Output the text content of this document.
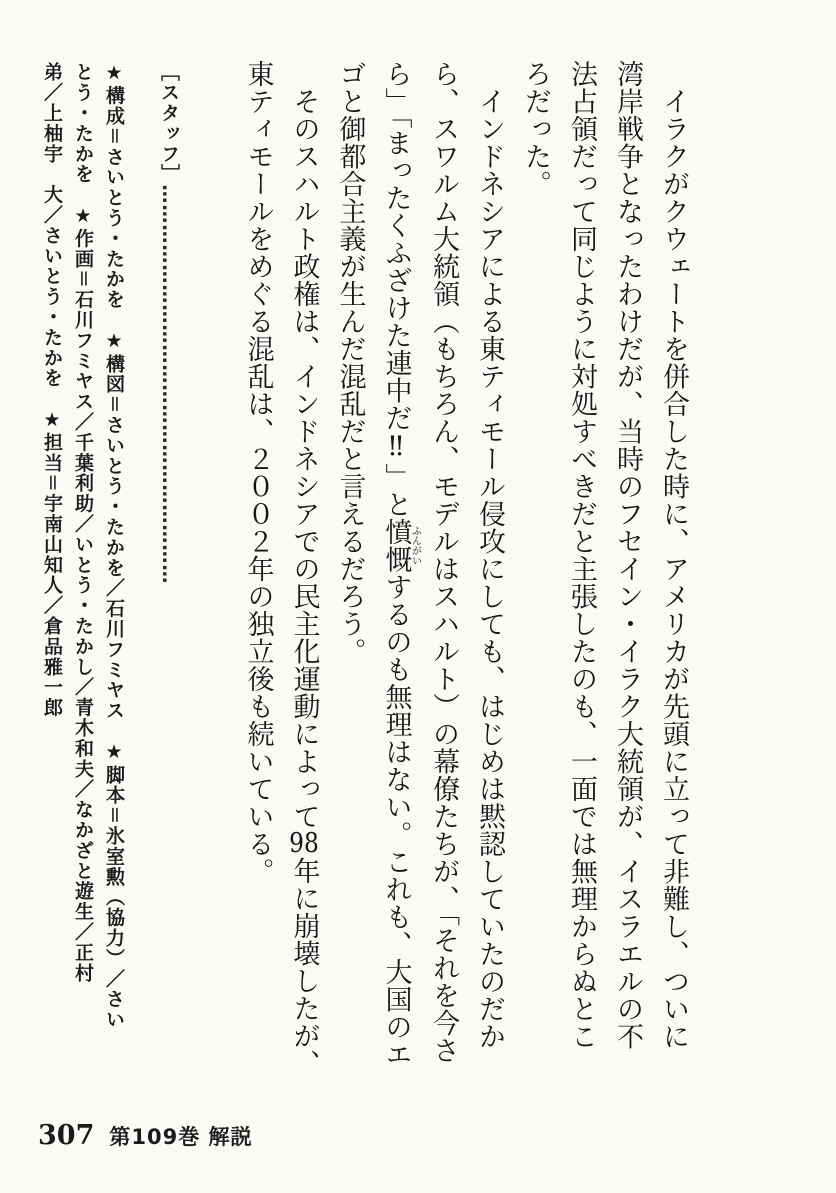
　イラクがクウェートを併合した時に、アメリカが先頭に立って非難し、ついに
湾岸戦争となったわけだが、当時のフセイン・イラク大統領が、イスラエルの不
法占領だって同じように対処すべきだと主張したのも、一面では無理からぬとこ
ろだった。
　インドネシアによる東ティモール侵攻にしても、はじめは黙認していたのだか
ら、スワルム大統領（もちろん、モデルはスハルト）の幕僚たちが、「それを今さ
ら」「まったくふざけた連中だ‼」と憤慨ふんがいするのも無理はない。これも、大国のエ
ゴと御都合主義が生んだ混乱だと言えるだろう。
　そのスハルト政権は、インドネシアでの民主化運動によって98年に崩壊したが、
東ティモールをめぐる混乱は、２００２年の独立後も続いている。
［スタッフ］……………………………………………………
★構成＝さいとう・たかを　★構図＝さいとう・たかを／石川フミヤス　★脚本＝氷室勲（協力）／さい
とう・たかを　★作画＝石川フミヤス／千葉利助／いとう・たかし／青木和夫／なかざと遊生／正村
弟／上柚宇　大／さいとう・たかを　★担当＝宇南山知人／倉品雅一郎
307 第109巻 解説
